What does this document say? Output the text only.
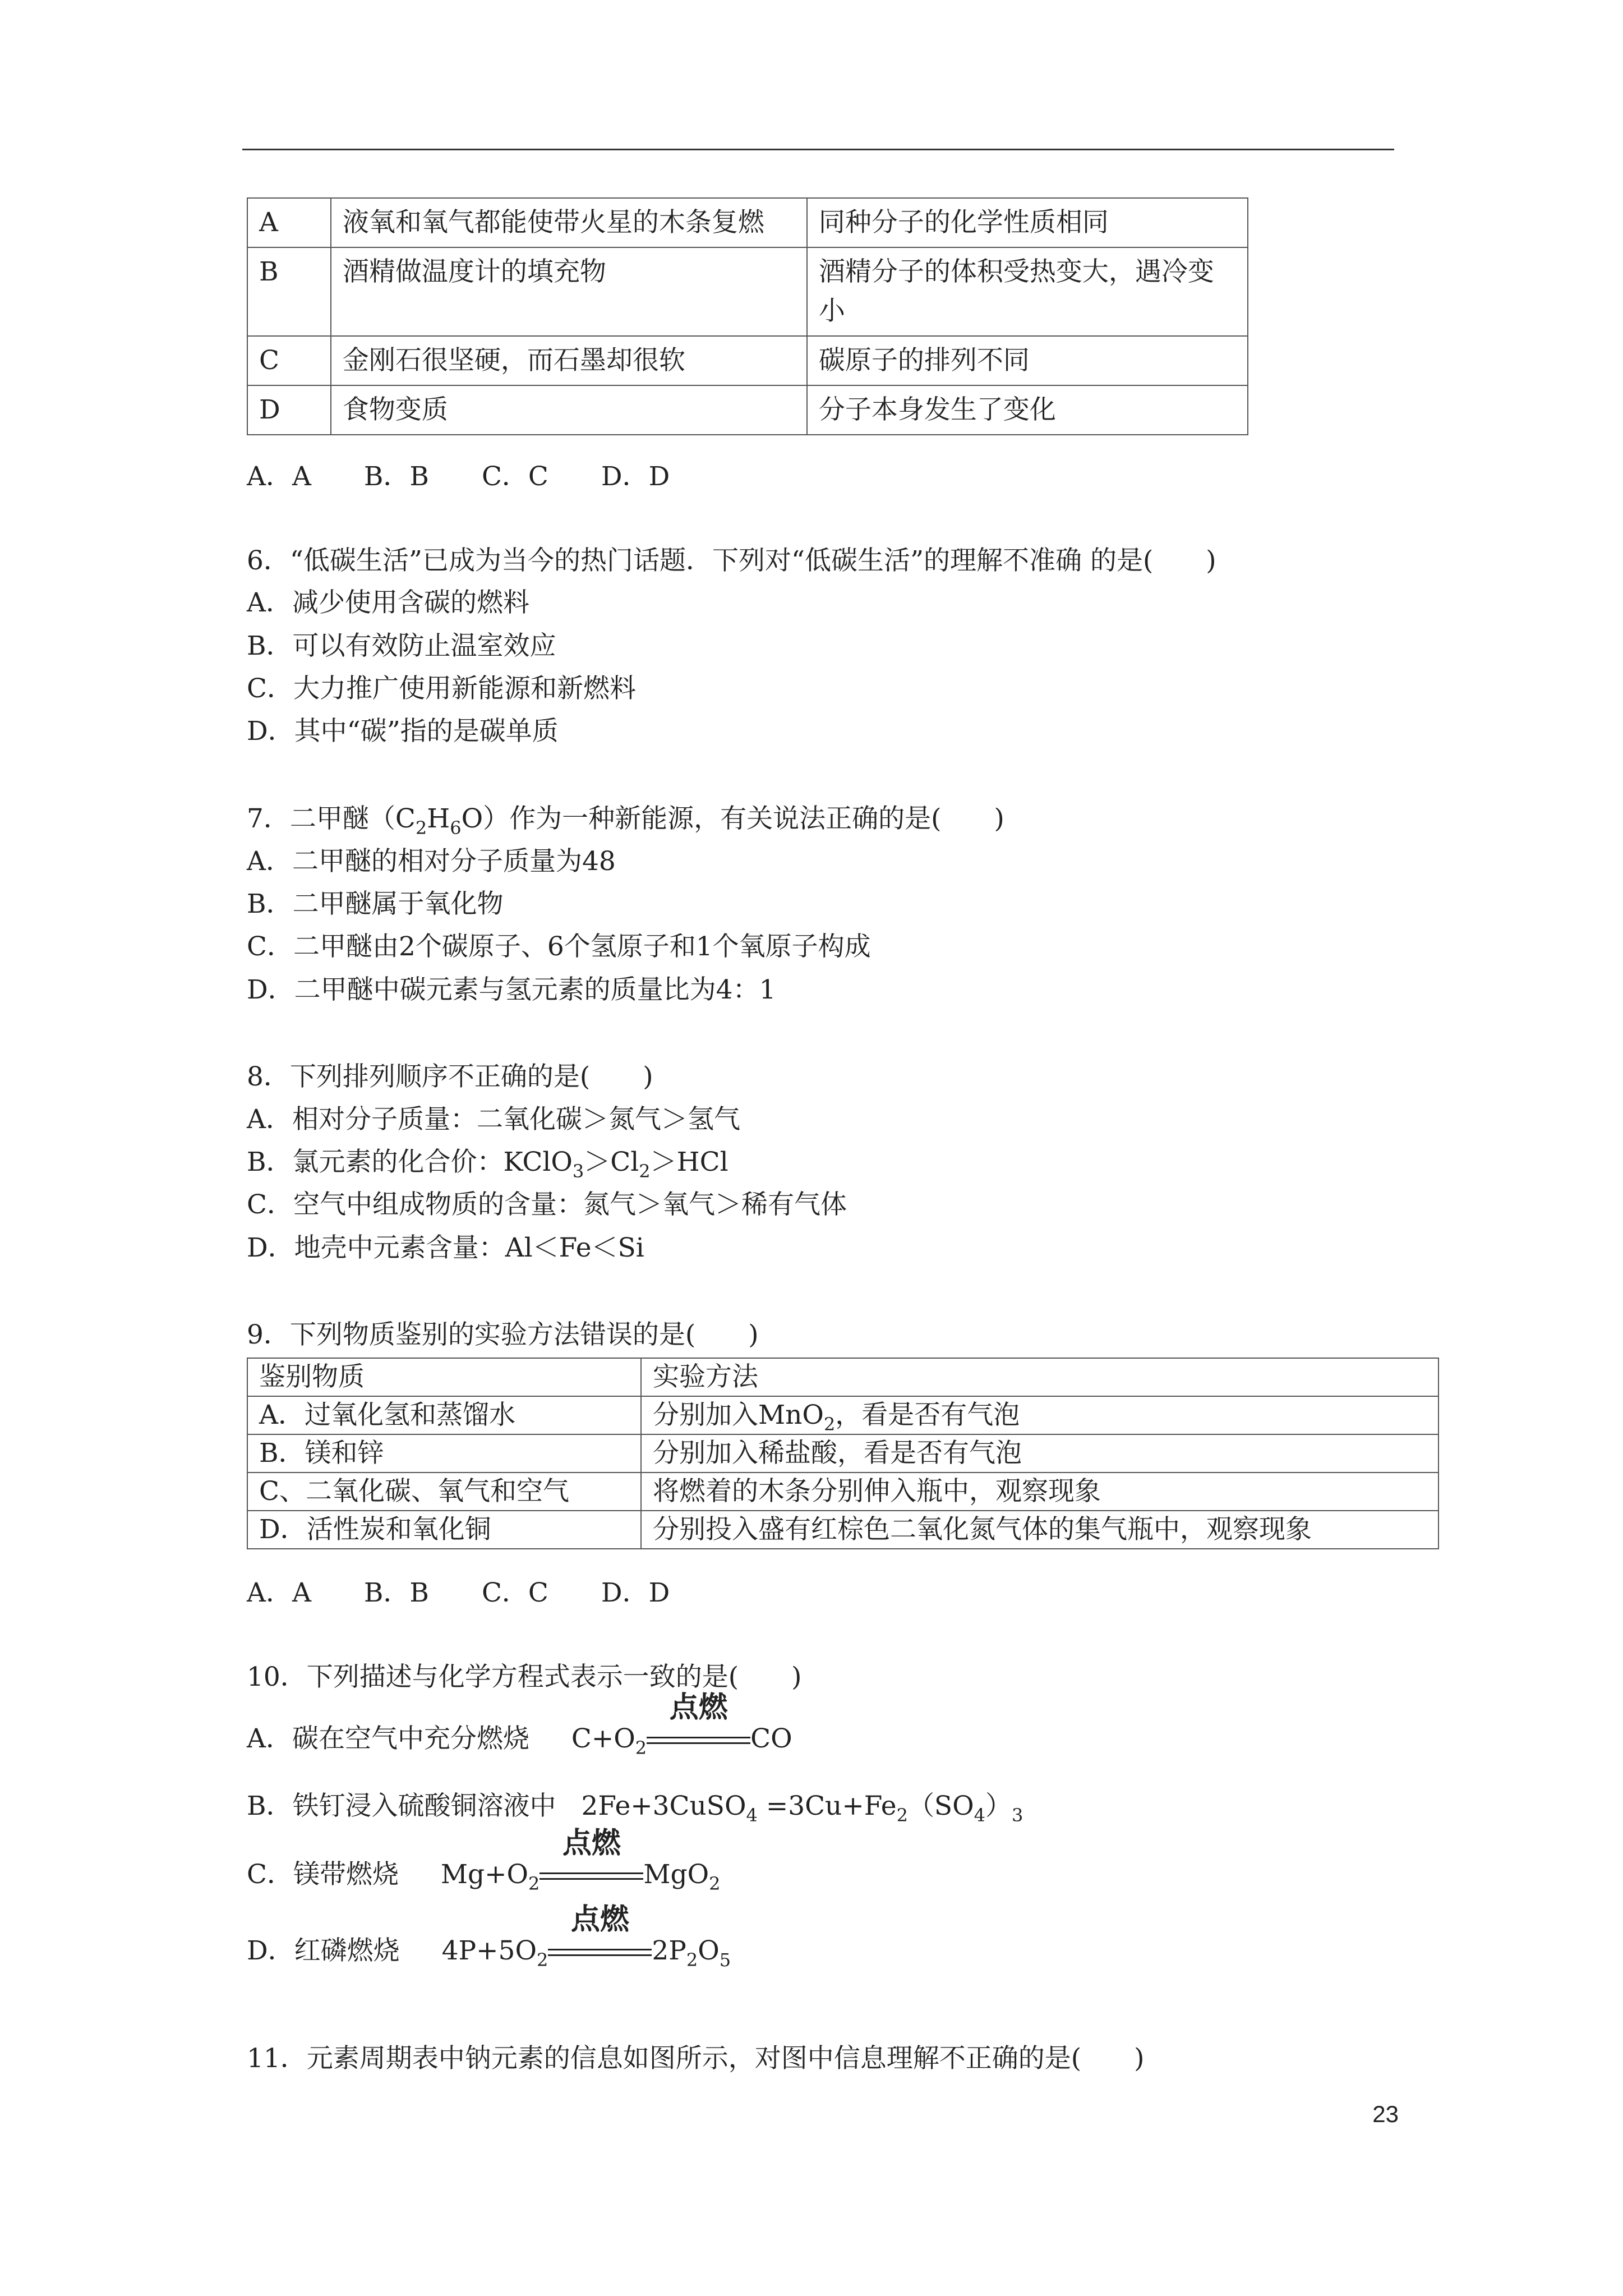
A	液氧和氧气都能使带火星的木条复燃	同种分子的化学性质相同
B	酒精做温度计的填充物	酒精分子的体积受热变大，遇冷变小
C	金刚石很坚硬，而石墨却很软	碳原子的排列不同
D	食物变质	分子本身发生了变化
A．A　　B．B　　C．C　　D．D
6．“低碳生活”已成为当今的热门话题．下列对“低碳生活”的理解不准确 的是(　　)
A．减少使用含碳的燃料
B．可以有效防止温室效应
C．大力推广使用新能源和新燃料
D．其中“碳”指的是碳单质
7．二甲醚$(C_2H_6O)$作为一种新能源，有关说法正确的是(　　)
A．二甲醚的相对分子质量为48
B．二甲醚属于氧化物
C．二甲醚由2个碳原子、6个氢原子和1个氧原子构成
D．二甲醚中碳元素与氢元素的质量比为4：1
8．下列排列顺序不正确的是(　　)
A．相对分子质量：二氧化碳＞氮气＞氢气
B．氯元素的化合价：$KClO_3>Cl_2>HCl$
C．空气中组成物质的含量：氮气＞氧气＞稀有气体
D．地壳中元素含量：Al＜Fe＜Si
9．下列物质鉴别的实验方法错误的是(　　)
鉴别物质	实验方法
A．过氧化氢和蒸馏水	分别加入MnO$_2$，看是否有气泡
B．镁和锌	分别加入稀盐酸，看是否有气泡
C、二氧化碳、氧气和空气	将燃着的木条分别伸入瓶中，观察现象
D．活性炭和氧化铜	分别投入盛有红棕色二氧化氮气体的集气瓶中，观察现象
A．A　　B．B　　C．C　　D．D
10．下列描述与化学方程式表示一致的是(　　)
A．碳在空气中充分燃烧 $C+O_2$
点燃
CO
B．铁钉浸入硫酸铜溶液中 2Fe+3CuSO$_4$ $=3Cu+Fe_2(SO_4)_3$
C．镁带燃烧 $Mg+O_2$
点燃
MgO$_2$
D．红磷燃烧 $4P+5O_2$
点燃
$2P_2O_5$
11．元素周期表中钠元素的信息如图所示，对图中信息理解不正确的是(　　)
23
